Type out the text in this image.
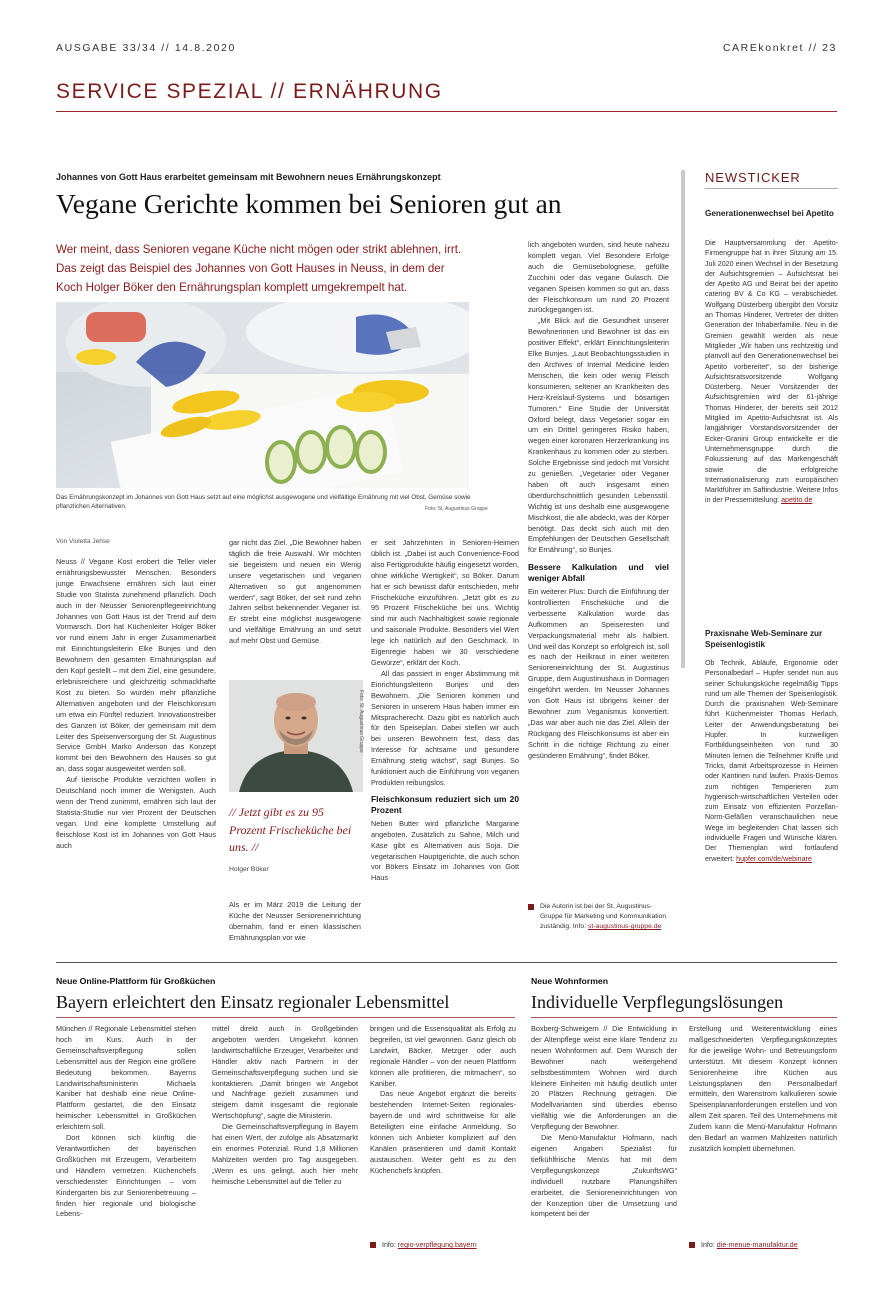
AUSGABE 33/34 // 14.8.2020	CAREkonkret // 23
SERVICE SPEZIAL // ERNÄHRUNG
Johannes von Gott Haus erarbeitet gemeinsam mit Bewohnern neues Ernährungskonzept
Vegane Gerichte kommen bei Senioren gut an
Wer meint, dass Senioren vegane Küche nicht mögen oder strikt ablehnen, irrt. Das zeigt das Beispiel des Johannes von Gott Hauses in Neuss, in dem der Koch Holger Böker den Ernährungsplan komplett umgekrempelt hat.
Das Ernährungskonzept im Johannes von Gott Haus setzt auf eine möglichst ausgewogene und vielfältige Ernährung mit viel Obst, Gemüse sowie pflanzlichen Alternativen.	Foto: St. Augustinus Gruppe
Von Violetta Jehse

Neuss // Vegane Kost erobert die Teller vieler ernährungsbewusster Menschen. Besonders junge Erwachsene ernähren sich laut einer Studie von Statista zunehmend pflanzlich. Doch auch in der Neusser Seniorenpflegeeinrichtung Johannes von Gott Haus ist der Trend auf dem Vormarsch. Dort hat Küchenleiter Holger Böker vor rund einem Jahr in enger Zusammenarbeit mit Einrichtungsleiterin Elke Bunjes und den Bewohnern den gesamten Ernährungsplan auf den Kopf gestellt – mit dem Ziel, eine gesundere, erlebnisreichere und gleichzeitig schmackhafte Kost zu bieten. So wurden mehr pflanzliche Alternativen angeboten und der Fleischkonsum um etwa ein Fünftel reduziert. Innovationstreiber des Ganzen ist Böker, der gemeinsam mit dem Leiter des Speisenversorgung der St. Augustinus Service GmbH Marko Anderson das Konzept kommt bei den Bewohnern des Hauses so gut an, dass sogar ausgeweitet werden soll.

Auf tierische Produkte verzichten wollen in Deutschland noch immer die Wenigsten. Auch wenn der Trend zunimmt, ernähren sich laut der Statista-Studie nur vier Prozent der Deutschen vegan. Und eine komplette Umstellung auf fleischlose Kost ist im Johannes von Gott Haus auch

gar nicht das Ziel. „Die Bewohner haben täglich die freie Auswahl. Wir möchten sie begeistern und neuen ein Wenig unsere vegetarischen und veganen Alternativen so gut angenommen werden“, sagt Böker, der seit rund zehn Jahren selbst bekennender Veganer ist. Er strebt eine möglichst ausgewogene und vielfältige Ernährung an und setzt auf mehr Obst und Gemüse.

Foto: St. Augustinus Gruppe
// Jetzt gibt es zu 95 Prozent Frischeküche bei uns. //
Holger Böker

Als er im März 2019 die Leitung der Küche der Neusser Senioreneinrichtung übernahm, fand er einen klassischen Ernährungsplan vor wie

er seit Jahrzehnten in Senioren-Heimen üblich ist. „Dabei ist auch Convenience-Food also Fertigprodukte häufig eingesetzt worden, ohne wirkliche Wertigkeit“, so Böker. Darum hat er sich bewusst dafür entschieden, mehr Frischeküche einzuführen. „Jetzt gibt es zu 95 Prozent Frischeküche bei uns. Wichtig sind mir auch Nachhaltigkeit sowie regionale und saisonale Produkte. Besonders viel Wert lege ich natürlich auf den Geschmack. In Eigenregie haben wir 30 verschiedene Gewürze“, erklärt der Koch.

All das passiert in enger Abstimmung mit Einrichtungsleiterin Bunjes und den Bewohnern. „Die Senioren kommen und Senioren in unserem Haus haben immer ein Mitspracherecht. Dazu gibt es natürlich auch für den Speiseplan. Dabei stellen wir auch bei unseren Bewohnern fest, dass das Interesse für achtsame und gesundere Ernährung stetig wächst“, sagt Bunjes. So funktioniert auch die Einführung von veganen Produkten reibungslos.

Fleischkonsum reduziert sich um 20 Prozent

Neben Butter wird pflanzliche Margarine angeboten. Zusätzlich zu Sahne, Milch und Käse gibt es Alternativen aus Soja. Die vegetarischen Hauptgerichte, die auch schon vor Bökers Einsatz im Johannes von Gott Haus

lich angeboten wurden, sind heute nahezu komplett vegan. Viel Besondere Erfolge auch die Gemüsebolognese, gefüllte Zucchini oder das vegane Gulasch. Die veganen Speisen kommen so gut an, dass der Fleischkonsum um rund 20 Prozent zurückgegangen ist.

„Mit Blick auf die Gesundheit unserer Bewohnerinnen und Bewohner ist das ein positiver Effekt“, erklärt Einrichtungsleiterin Elke Bunjes. „Laut Beobachtungsstudien in den Archives of Internal Medicine leiden Menschen, die kein oder wenig Fleisch konsumieren, seltener an Krankheiten des Herz-Kreislauf-Systems und bösartigen Tumoren.“ Eine Studie der Universität Oxford belegt, dass Vegetarier sogar ein um ein Drittel geringeres Risiko haben, wegen einer koronaren Herzerkrankung ins Krankenhaus zu kommen oder zu sterben. Solche Ergebnisse sind jedoch mit Vorsicht zu genießen. „Vegetarier oder Veganer haben oft auch insgesamt einen überdurchschnittlich gesunden Lebensstil. Wichtig ist uns deshalb eine ausgewogene Mischkost, die alle abdeckt, was der Körper benötigt. Das deckt sich auch mit den Empfehlungen der Deutschen Gesellschaft für Ernährung“, so Bunjes.

Bessere Kalkulation und viel weniger Abfall

Ein weiterer Plus: Durch die Einführung der kontrollierten Frischeküche und die verbesserte Kalkulation wurde das Aufkommen an Speiseresten und Verpackungsmaterial mehr als halbiert. Und weil das Konzept so erfolgreich ist, soll es nach der Heilkraut in einer weiteren Senioreneinrichtung der St. Augustinus Gruppe, dem Augustinushaus in Dormagen eingeführt werden. Im Neusser Johannes von Gott Haus ist übrigens keiner der Bewohner zum Veganismus konvertiert. „Das war aber auch nie das Ziel. Allein der Rückgang des Fleischkonsums ist aber ein Schritt in die richtige Richtung zu einer gesünderen Ernährung“, findet Böker.

Die Autorin ist bei der St. Augustinus-Gruppe für Marketing und Kommunikation zuständig. Info: st-augustinus-gruppe.de
NEWSTICKER
Generationenwechsel bei Apetito
Die Hauptversammlung der Apetito-Firmengruppe hat in ihrer Sitzung am 15. Juli 2020 einen Wechsel in der Besetzung der Aufsichtsgremien – Aufsichtsrat bei der Apetito AG und Beirat bei der apetito catering BV & Co KG – verabschiedet. Wolfgang Düsterberg übergibt den Vorsitz an Thomas Hinderer, Vertreter der dritten Generation der Inhaberfamilie. Neu in die Gremien gewählt werden als neue Mitglieder „Wir haben uns rechtzeitig und planvoll auf den Generationenwechsel bei Apetito vorbereitet“, so der bisherige Aufsichtsratsvorsitzende Wolfgang Düsterberg. Neuer Vorsitzender der Aufsichtsgremien wird der 61-jährige Thomas Hinderer, der bereits seit 2012 Mitglied im Apetito-Aufsichtsrat ist. Als langjähriger Vorstandsvorsitzender der Ecker-Granini Group entwickelte er die Unternehmensgruppe durch die Fokussierung auf das Markengeschäft sowie die erfolgreiche Internationalisierung zum europäischen Marktführer im Saftindustrie. Weitere Infos in der Pressemitteilung: apetito.de
Praxisnahe Web-Seminare zur Speisenlogistik
Ob Technik, Abläufe, Ergonomie oder Personalbedarf – Hupfer sendet nun aus seiner Schulungsküche regelmäßig Tipps rund um alle Themen der Speisenlogistik. Durch die praxisnahen Web-Seminare führt Küchenmeister Thomas Herlach, Leiter der Anwendungsberatung bei Hupfer. In kurzweiligen Fortbildungseinheiten von rund 30 Minuten lernen die Teilnehmer Kniffe und Tricks, damit Arbeitsprozesse in Heimen oder Kantinen rund laufen. Praxis-Demos zum richtigen Temperieren zum hygienisch-wirtschaftlichen Verteilen oder zum Einsatz von effizienten Porzellan-Norm-Gefäßen veranschaulichen neue Wege im begleitenden Chat lassen sich individuelle Fragen und Wünsche klären. Der Themenplan wird fortlaufend erweitert: hupfer.com/de/webinare
Neue Online-Plattform für Großküchen
Bayern erleichtert den Einsatz regionaler Lebensmittel

München // Regionale Lebensmittel stehen hoch im Kurs. Auch in der Gemeinschaftsverpflegung sollen Lebensmittel aus der Region eine größere Bedeutung bekommen. Bayerns Landwirtschaftsministerin Michaela Kaniber hat deshalb eine neue Online-Plattform gestartet, die den Einsatz heimischer Lebensmittel in Großküchen erleichtern soll.

Dort können sich künftig die Verantwortlichen der bayerischen Großküchen mit Erzeugern, Verarbeitern und Händlern vernetzen. Küchenchefs verschiedenster Einrichtungen – vom Kindergarten bis zur Seniorenbetreuung – finden hier regionale und biologische Lebens-

mittel direkt auch in Großgebinden angeboten werden. Umgekehrt können landwirtschaftliche Erzeuger, Verarbeiter und Händler aktiv nach Partnern in der Gemeinschaftsverpflegung suchen und sie kontaktieren. „Damit bringen wir Angebot und Nachfrage gezielt zusammen und steigern damit insgesamt die regionale Wertschöpfung“, sagte die Ministerin.

Die Gemeinschaftsverpflegung in Bayern hat einen Wert, der zufolge als Absatzmarkt ein enormes Potenzial. Rund 1,8 Millionen Mahlzeiten werden pro Tag ausgegeben. „Wenn es uns gelingt, auch hier mehr heimische Lebensmittel auf die Teller zu

bringen und die Essensqualität als Erfolg zu begreifen, ist viel gewonnen. Ganz gleich ob Landwirt, Bäcker, Metzger oder auch regionale Händler – von der neuen Plattform können alle profitieren, die mitmachen“, so Kaniber.

Das neue Angebot ergänzt die bereits bestehenden Internet-Seiten regionales-bayern.de und wird schrittweise für alle Beteiligten eine einfache Anmeldung. So können sich Anbieter kompliziert auf den Kanälen präsentieren und damit Kontakt austauschen. Weiter geht es zu den Küchenchefs knüpfen.

Info: regio-verpflegung.bayern
Neue Wohnformen
Individuelle Verpflegungslösungen

Boxberg-Schweigern // Die Entwicklung in der Altenpflege weist eine klare Tendenz zu neuen Wohnformen auf. Dem Wunsch der Bewohner nach weitergehend selbstbestimmtem Wohnen wird durch kleinere Einheiten mit häufig deutlich unter 20 Plätzen Rechnung getragen. Die Modellvarianten sind überdies ebenso vielfältig wie die Anforderungen an die Verpflegung der Bewohner.

Die Menü-Manufaktur Hofmann, nach eigenen Angaben Spezialist für tiefkühlfrische Menüs hat mit dem Verpflegungskonzept „ZukunftsWG“ individuell nutzbare Planungshilfen erarbeitet, die Senioreneinrichtungen von der Konzeption über die Umsetzung und kompetent bei der

Erstellung und Weiterentwicklung eines maßgeschneiderten Verpflegungskonzeptes für die jeweilige Wohn- und Betreuungsform unterstützt. Mit diesem Konzept können Seniorenheime ihre Küchen aus Leistungsplanen den Personalbedarf ermitteln, den Warenstrom kalkulieren sowie Speisenplananforderungen erstellen und von allem Zeit sparen. Teil des Unternehmens mit Zudem kann die Menü-Manufaktur Hofmann den Bedarf an warmen Mahlzeiten natürlich zusätzlich komplett übernehmen.

Info: die-menue-manufaktur.de
